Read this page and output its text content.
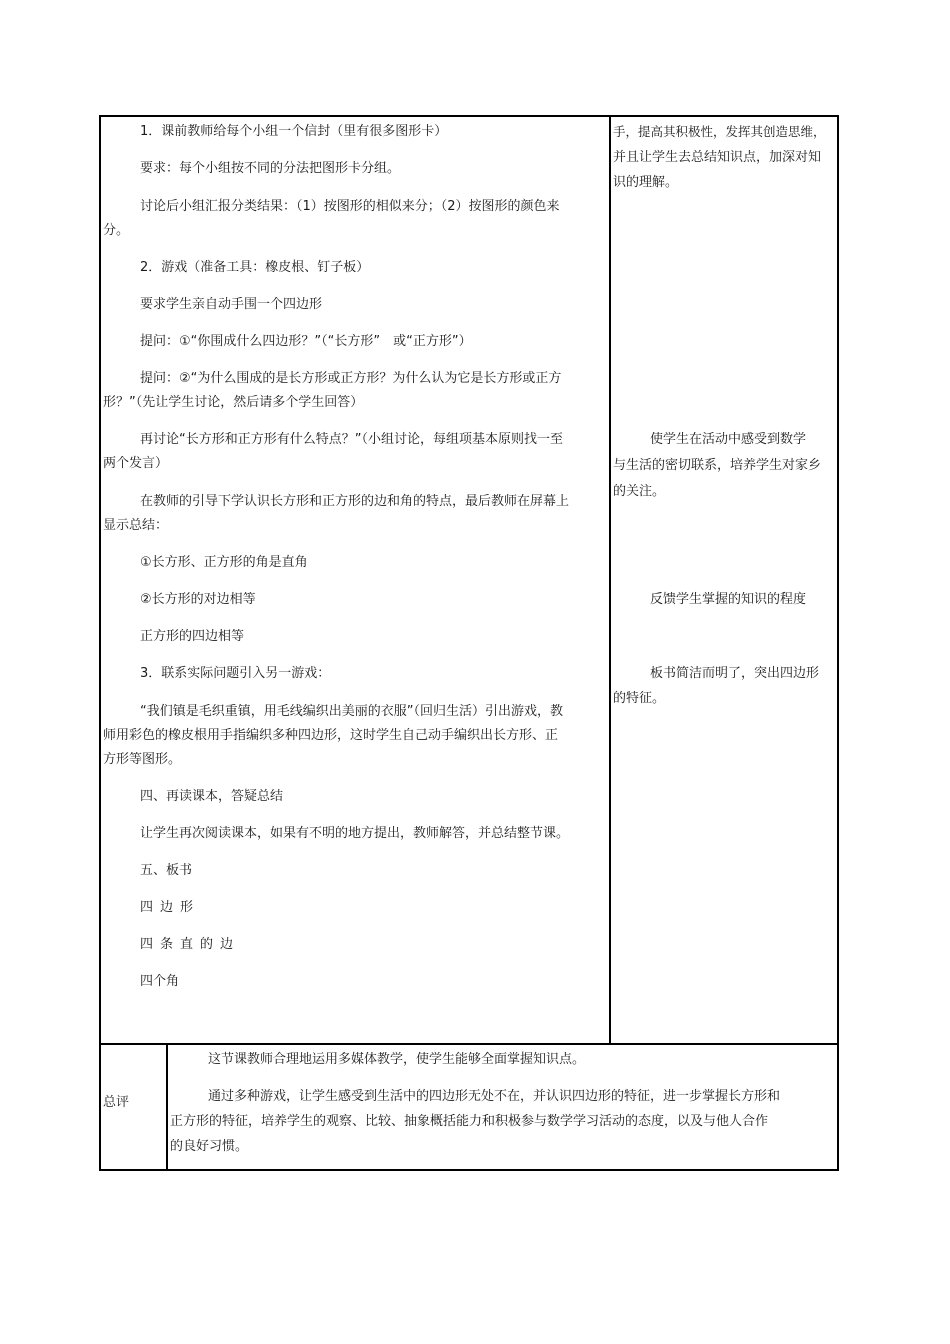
1．课前教师给每个小组一个信封（里有很多图形卡）
要求：每个小组按不同的分法把图形卡分组。
讨论后小组汇报分类结果：（1）按图形的相似来分；（2）按图形的颜色来
分。
2．游戏（准备工具：橡皮根、钉子板）
要求学生亲自动手围一个四边形
提问：①“你围成什么四边形？”（“长方形”　或“正方形”）
提问：②“为什么围成的是长方形或正方形？为什么认为它是长方形或正方
形？”（先让学生讨论，然后请多个学生回答）
再讨论“长方形和正方形有什么特点？”（小组讨论，每组项基本原则找一至
两个发言）
在教师的引导下学认识长方形和正方形的边和角的特点，最后教师在屏幕上
显示总结：
①长方形、正方形的角是直角
②长方形的对边相等
正方形的四边相等
3．联系实际问题引入另一游戏：
“我们镇是毛织重镇，用毛线编织出美丽的衣服”（回归生活）引出游戏，教
师用彩色的橡皮根用手指编织多种四边形，这时学生自己动手编织出长方形、正
方形等图形。
四、再读课本，答疑总结
让学生再次阅读课本，如果有不明的地方提出，教师解答，并总结整节课。
五、板书
四边形
四条直的边
四个角
手，提高其积极性，发挥其创造思维，
并且让学生去总结知识点，加深对知
识的理解。
使学生在活动中感受到数学
与生活的密切联系，培养学生对家乡
的关注。
反馈学生掌握的知识的程度
板书简洁而明了，突出四边形
的特征。
总评
这节课教师合理地运用多媒体教学，使学生能够全面掌握知识点。
通过多种游戏，让学生感受到生活中的四边形无处不在，并认识四边形的特征，进一步掌握长方形和
正方形的特征，培养学生的观察、比较、抽象概括能力和积极参与数学学习活动的态度，以及与他人合作
的良好习惯。
